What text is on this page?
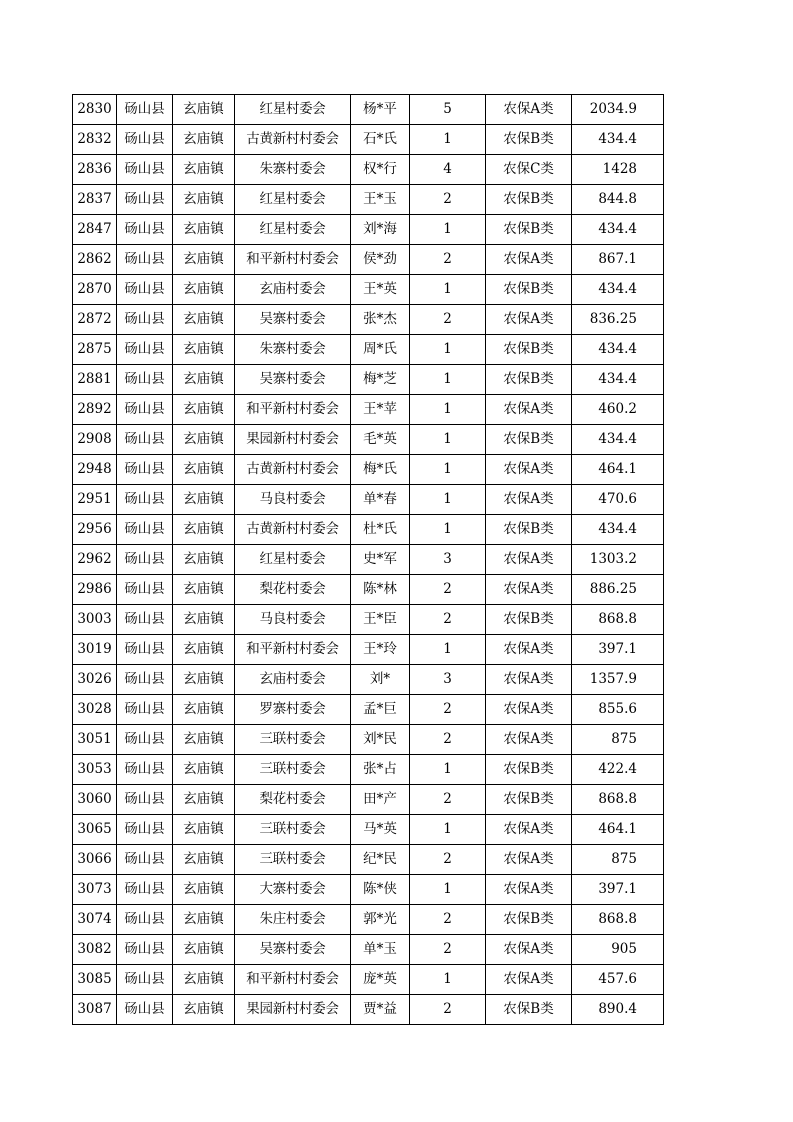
2830	砀山县	玄庙镇	红星村委会	杨*平	5	农保A类	2034.9
2832	砀山县	玄庙镇	古黄新村村委会	石*氏	1	农保B类	434.4
2836	砀山县	玄庙镇	朱寨村委会	权*行	4	农保C类	1428
2837	砀山县	玄庙镇	红星村委会	王*玉	2	农保B类	844.8
2847	砀山县	玄庙镇	红星村委会	刘*海	1	农保B类	434.4
2862	砀山县	玄庙镇	和平新村村委会	侯*劲	2	农保A类	867.1
2870	砀山县	玄庙镇	玄庙村委会	王*英	1	农保B类	434.4
2872	砀山县	玄庙镇	吴寨村委会	张*杰	2	农保A类	836.25
2875	砀山县	玄庙镇	朱寨村委会	周*氏	1	农保B类	434.4
2881	砀山县	玄庙镇	吴寨村委会	梅*芝	1	农保B类	434.4
2892	砀山县	玄庙镇	和平新村村委会	王*苹	1	农保A类	460.2
2908	砀山县	玄庙镇	果园新村村委会	毛*英	1	农保B类	434.4
2948	砀山县	玄庙镇	古黄新村村委会	梅*氏	1	农保A类	464.1
2951	砀山县	玄庙镇	马良村委会	单*春	1	农保A类	470.6
2956	砀山县	玄庙镇	古黄新村村委会	杜*氏	1	农保B类	434.4
2962	砀山县	玄庙镇	红星村委会	史*军	3	农保A类	1303.2
2986	砀山县	玄庙镇	梨花村委会	陈*林	2	农保A类	886.25
3003	砀山县	玄庙镇	马良村委会	王*臣	2	农保B类	868.8
3019	砀山县	玄庙镇	和平新村村委会	王*玲	1	农保A类	397.1
3026	砀山县	玄庙镇	玄庙村委会	刘*	3	农保A类	1357.9
3028	砀山县	玄庙镇	罗寨村委会	孟*巨	2	农保A类	855.6
3051	砀山县	玄庙镇	三联村委会	刘*民	2	农保A类	875
3053	砀山县	玄庙镇	三联村委会	张*占	1	农保B类	422.4
3060	砀山县	玄庙镇	梨花村委会	田*产	2	农保B类	868.8
3065	砀山县	玄庙镇	三联村委会	马*英	1	农保A类	464.1
3066	砀山县	玄庙镇	三联村委会	纪*民	2	农保A类	875
3073	砀山县	玄庙镇	大寨村委会	陈*侠	1	农保A类	397.1
3074	砀山县	玄庙镇	朱庄村委会	郭*光	2	农保B类	868.8
3082	砀山县	玄庙镇	吴寨村委会	单*玉	2	农保A类	905
3085	砀山县	玄庙镇	和平新村村委会	庞*英	1	农保A类	457.6
3087	砀山县	玄庙镇	果园新村村委会	贾*益	2	农保B类	890.4
